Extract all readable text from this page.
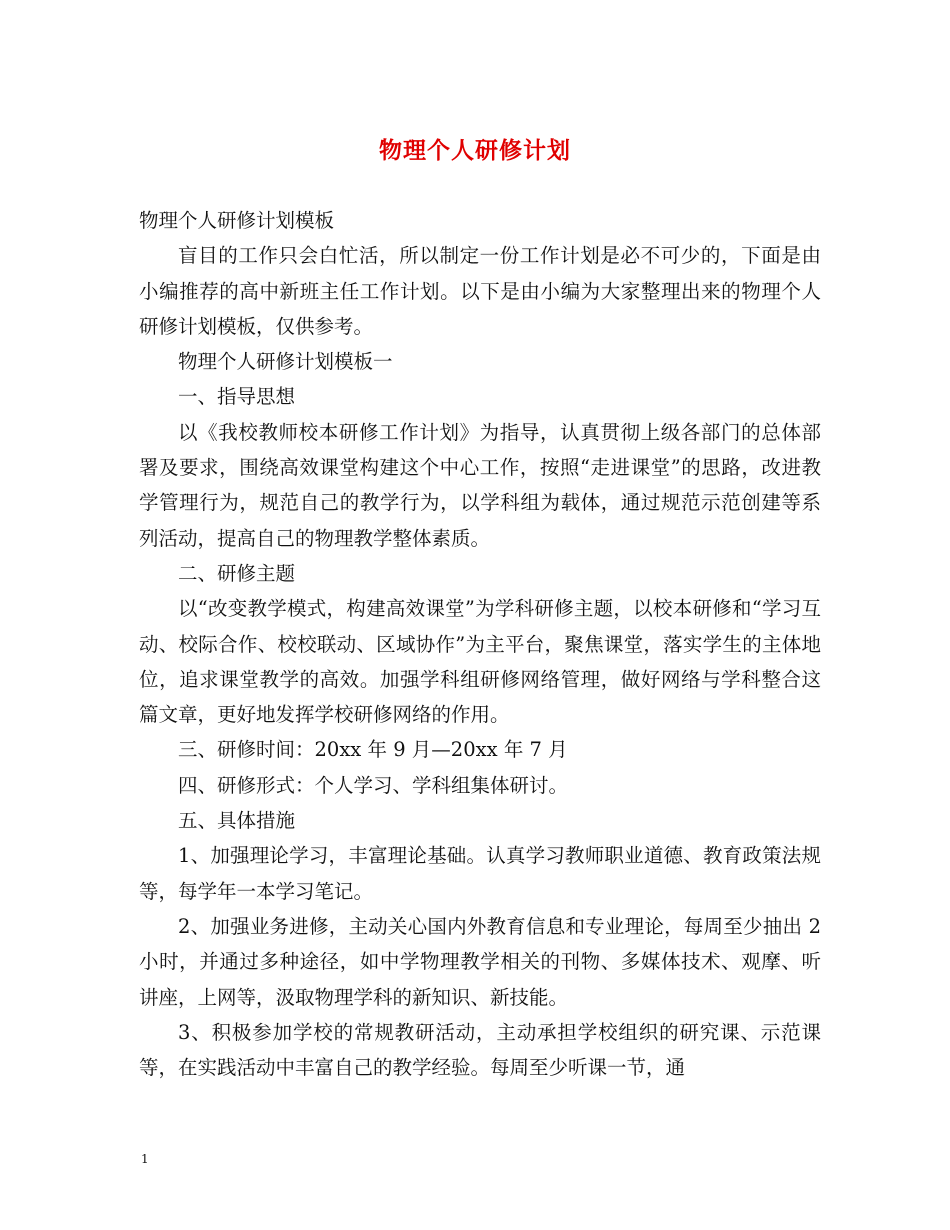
物理个人研修计划

物理个人研修计划模板

盲目的工作只会白忙活，所以制定一份工作计划是必不可少的，下面是由小编推荐的高中新班主任工作计划。以下是由小编为大家整理出来的物理个人研修计划模板，仅供参考。

物理个人研修计划模板一

一、指导思想

以《我校教师校本研修工作计划》为指导，认真贯彻上级各部门的总体部署及要求，围绕高效课堂构建这个中心工作，按照“走进课堂”的思路，改进教学管理行为，规范自己的教学行为，以学科组为载体，通过规范示范创建等系列活动，提高自己的物理教学整体素质。

二、研修主题

以“改变教学模式，构建高效课堂”为学科研修主题，以校本研修和“学习互动、校际合作、校校联动、区域协作”为主平台，聚焦课堂，落实学生的主体地位，追求课堂教学的高效。加强学科组研修网络管理，做好网络与学科整合这篇文章，更好地发挥学校研修网络的作用。

三、研修时间：20xx 年 9 月—20xx 年 7 月

四、研修形式：个人学习、学科组集体研讨。

五、具体措施

1、加强理论学习，丰富理论基础。认真学习教师职业道德、教育政策法规等，每学年一本学习笔记。

2、加强业务进修，主动关心国内外教育信息和专业理论，每周至少抽出 2 小时，并通过多种途径，如中学物理教学相关的刊物、多媒体技术、观摩、听讲座，上网等，汲取物理学科的新知识、新技能。

3、积极参加学校的常规教研活动，主动承担学校组织的研究课、示范课等，在实践活动中丰富自己的教学经验。每周至少听课一节，通

1
